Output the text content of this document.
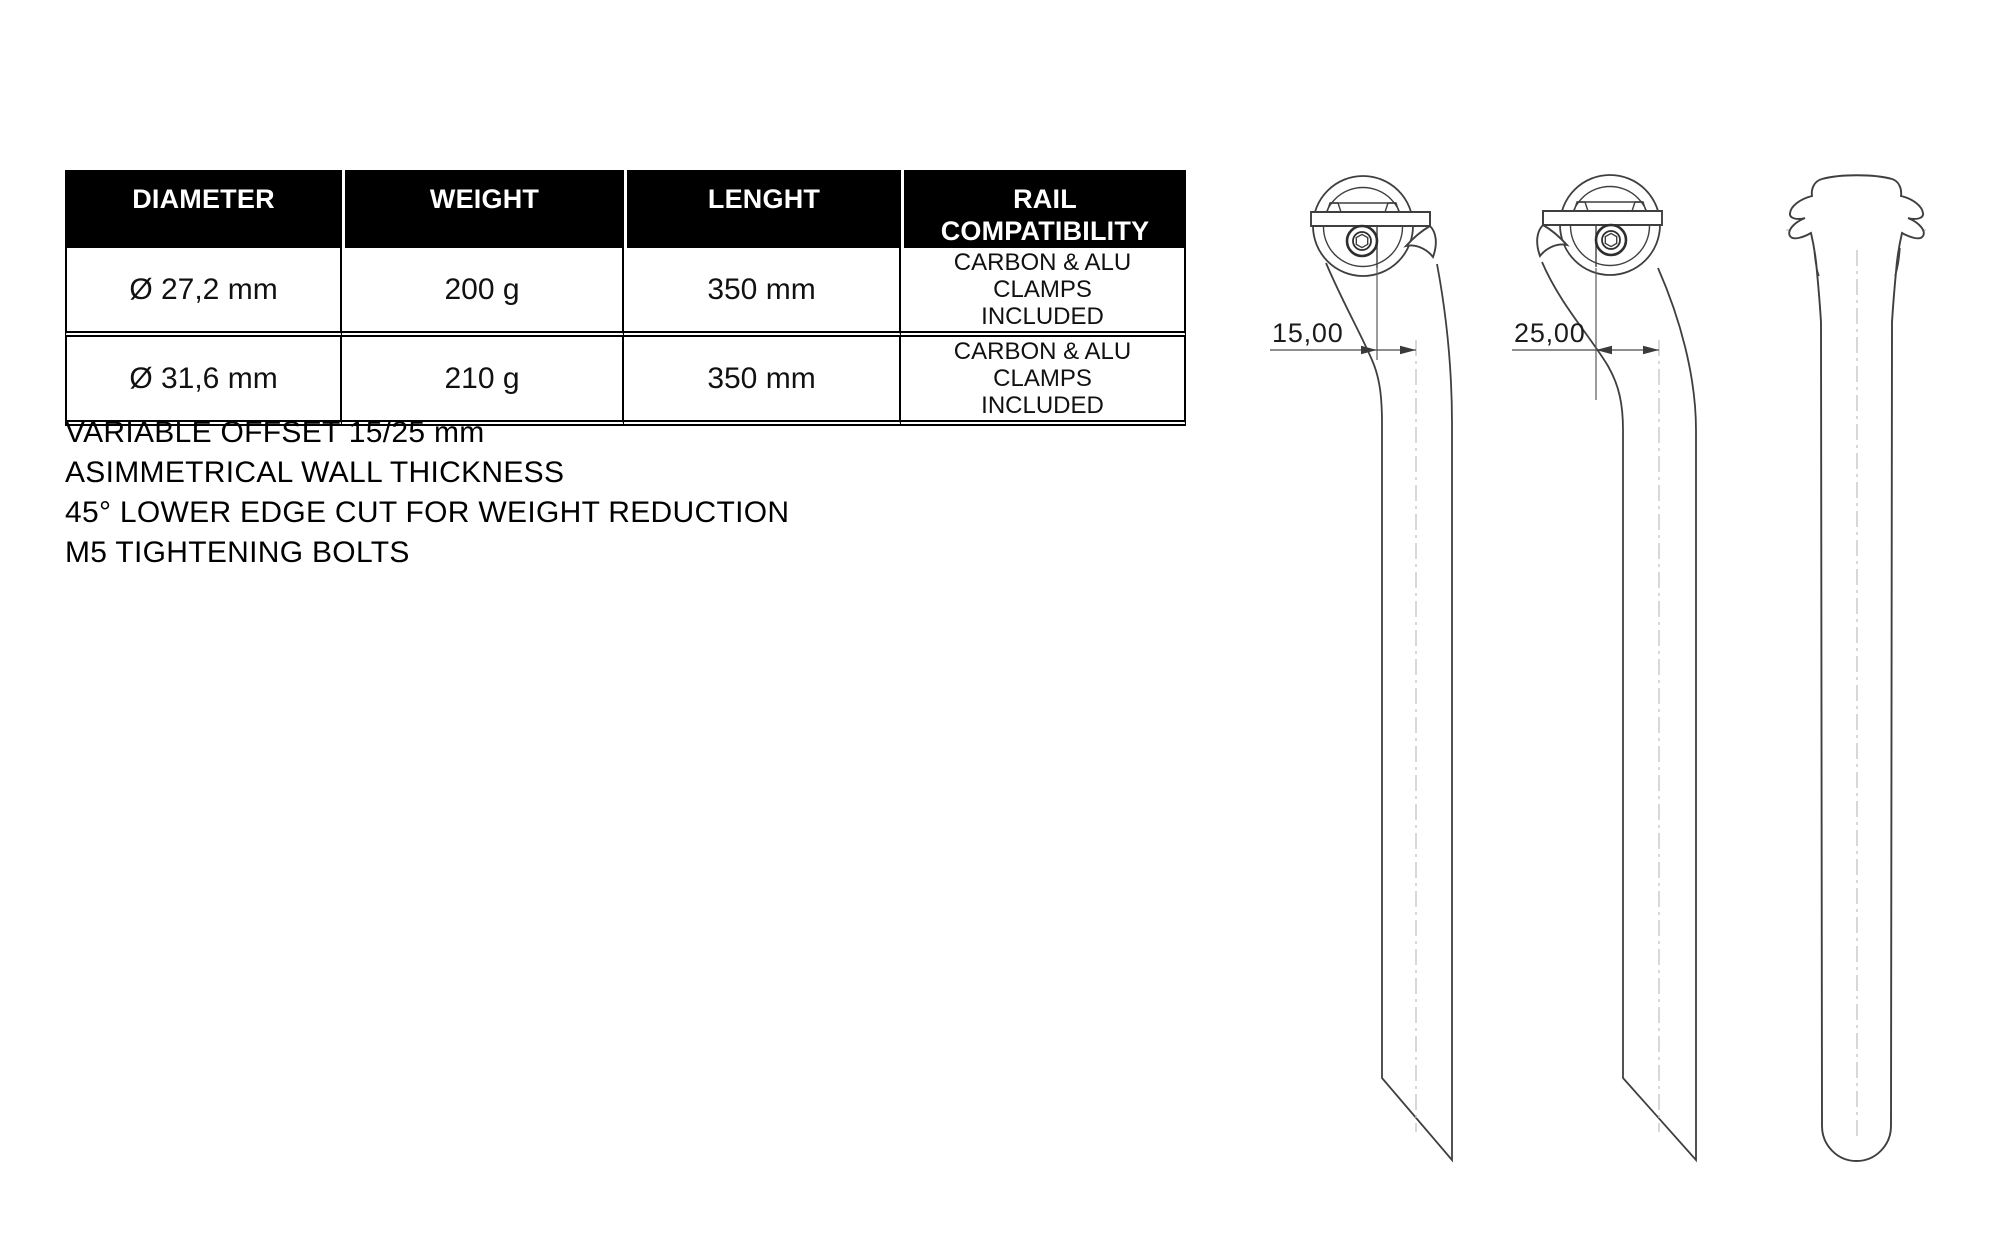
DIAMETER	WEIGHT	LENGHT	RAIL COMPATIBILITY
Ø 27,2 mm	200 g	350 mm	CARBON & ALU CLAMPS INCLUDED
Ø 31,6 mm	210 g	350 mm	CARBON & ALU CLAMPS INCLUDED
VARIABLE OFFSET 15/25 mm
ASIMMETRICAL WALL THICKNESS
45° LOWER EDGE CUT FOR WEIGHT REDUCTION
M5 TIGHTENING BOLTS
15,00	25,00
